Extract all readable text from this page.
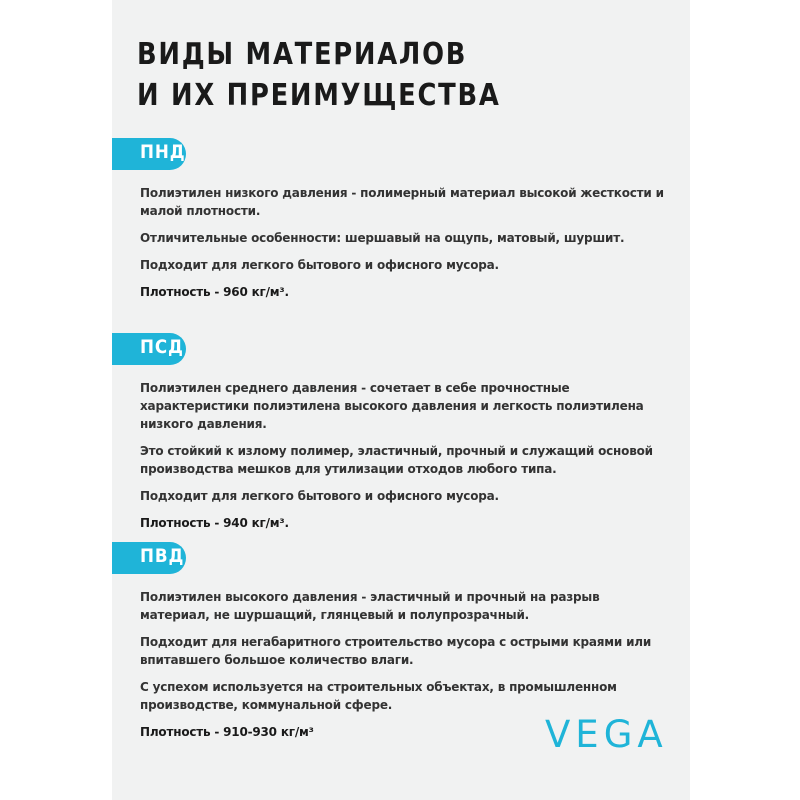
ВИДЫ МАТЕРИАЛОВ
И ИХ ПРЕИМУЩЕСТВА
ПНД

Полиэтилен низкого давления - полимерный материал высокой жесткости и малой плотности.

Отличительные особенности: шершавый на ощупь, матовый, шуршит.

Подходит для легкого бытового и офисного мусора.

Плотность - 960 кг/м³.

ПСД

Полиэтилен среднего давления - сочетает в себе прочностные характеристики полиэтилена высокого давления и легкость полиэтилена низкого давления.

Это стойкий к излому полимер, эластичный, прочный и служащий основой производства мешков для утилизации отходов любого типа.

Подходит для легкого бытового и офисного мусора.

Плотность - 940 кг/м³.

ПВД

Полиэтилен высокого давления - эластичный и прочный на разрыв материал, не шуршащий, глянцевый и полупрозрачный.

Подходит для негабаритного строительство мусора с острыми краями или впитавшего большое количество влаги.

С успехом используется на строительных объектах, в промышленном производстве, коммунальной сфере.

Плотность - 910-930 кг/м³	VEGA
